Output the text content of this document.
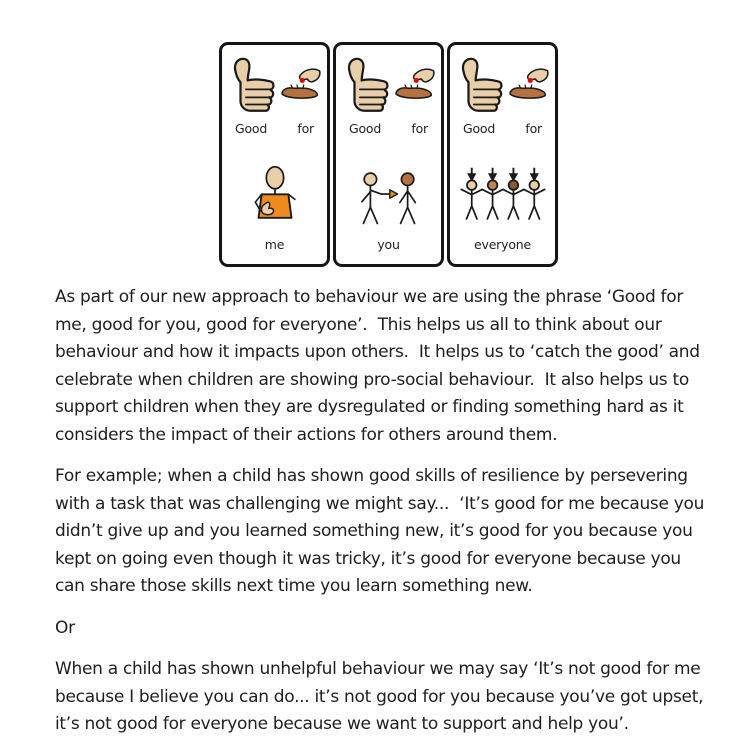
Good for
me
Good for
you
Good for
everyone

As part of our new approach to behaviour we are using the phrase ‘Good for me, good for you, good for everyone’.  This helps us all to think about our behaviour and how it impacts upon others.  It helps us to ‘catch the good’ and celebrate when children are showing pro-social behaviour.  It also helps us to support children when they are dysregulated or finding something hard as it considers the impact of their actions for others around them.

For example; when a child has shown good skills of resilience by persevering with a task that was challenging we might say...  ‘It’s good for me because you didn’t give up and you learned something new, it’s good for you because you kept on going even though it was tricky, it’s good for everyone because you can share those skills next time you learn something new.

Or

When a child has shown unhelpful behaviour we may say ‘It’s not good for me because I believe you can do... it’s not good for you because you’ve got upset, it’s not good for everyone because we want to support and help you’.
